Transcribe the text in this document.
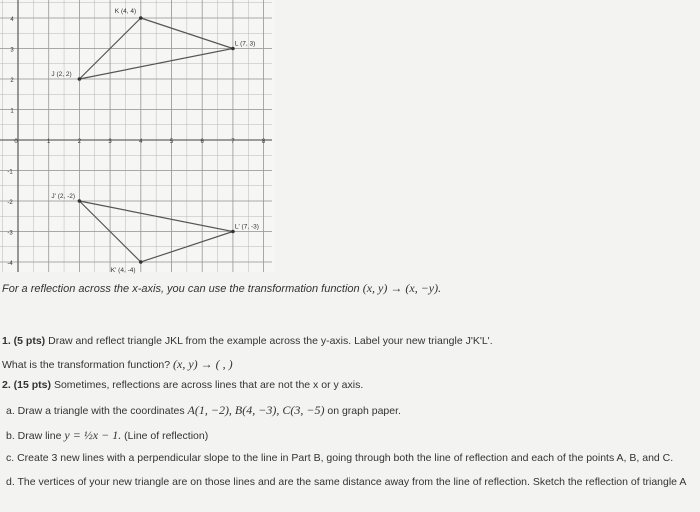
0	1	2	3	4	5	6	7	8
4
3
2
1
-1
-2
-3
-4
K (4, 4)
L (7, 3)
J (2, 2)
J' (2, -2)
L' (7, -3)
K' (4, -4)
For a reflection across the x-axis, you can use the transformation function (x, y) → (x, −y).
1. (5 pts) Draw and reflect triangle JKL from the example across the y-axis. Label your new triangle J'K'L'.
What is the transformation function? (x, y) → ( , )
2. (15 pts) Sometimes, reflections are across lines that are not the x or y axis.
a. Draw a triangle with the coordinates A(1, −2), B(4, −3), C(3, −5) on graph paper.
b. Draw line y = ½x − 1. (Line of reflection)
c. Create 3 new lines with a perpendicular slope to the line in Part B, going through both the line of reflection and each of the points A, B, and C.
d. The vertices of your new triangle are on those lines and are the same distance away from the line of reflection. Sketch the reflection of triangle A
